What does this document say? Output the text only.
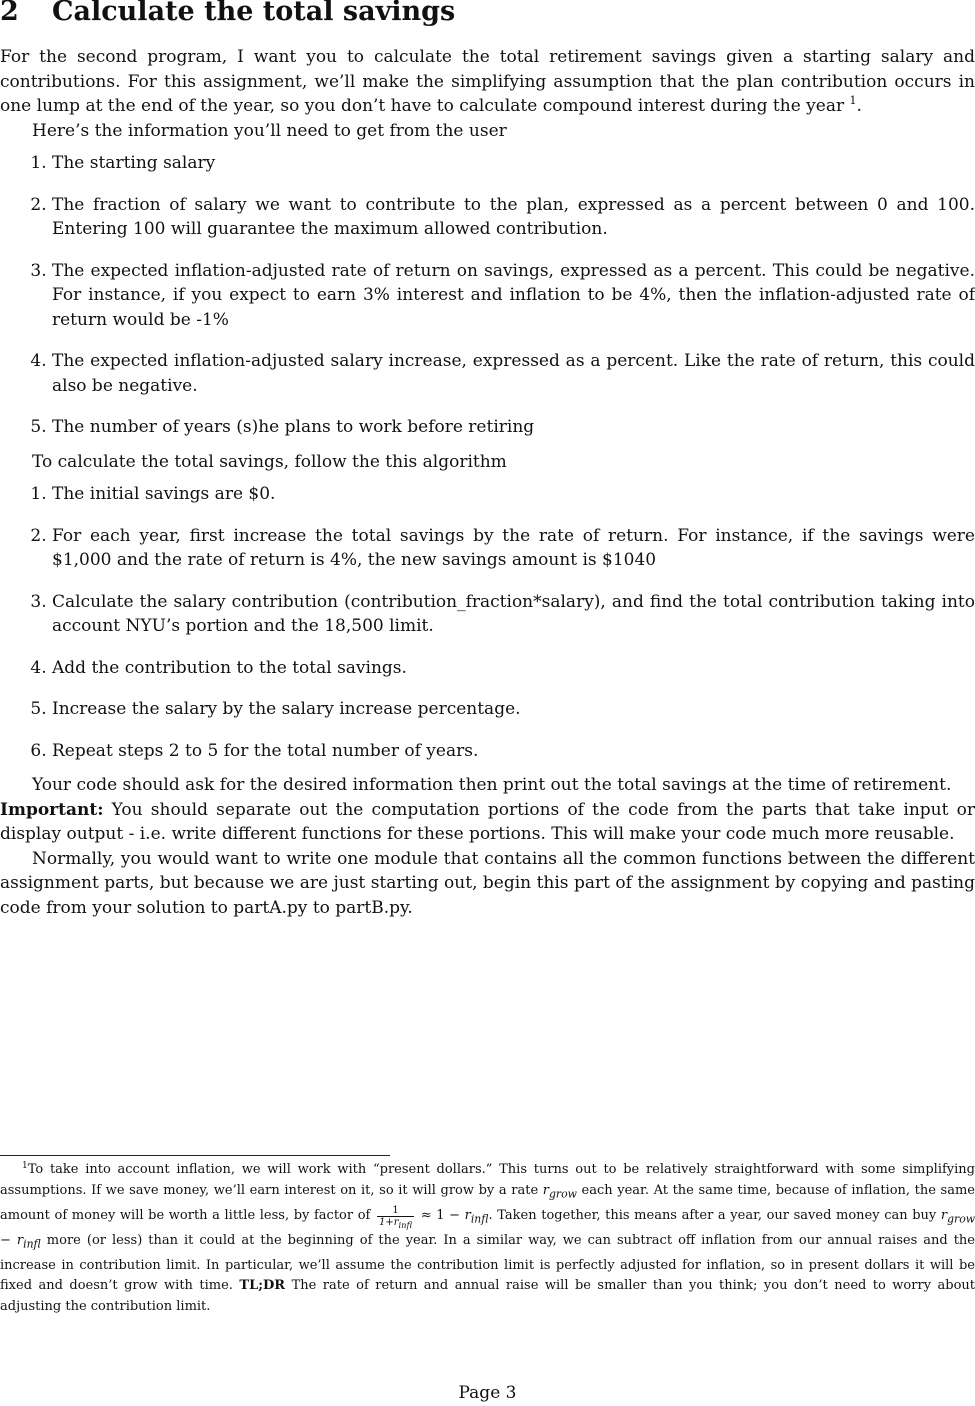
2 Calculate the total savings

For the second program, I want you to calculate the total retirement savings given a starting salary and contributions. For this assignment, we’ll make the simplifying assumption that the plan contribution occurs in one lump at the end of the year, so you don’t have to calculate compound interest during the year $^1$.

Here’s the information you’ll need to get from the user

1. The starting salary
2. The fraction of salary we want to contribute to the plan, expressed as a percent between 0 and 100. Entering 100 will guarantee the maximum allowed contribution.
3. The expected inflation-adjusted rate of return on savings, expressed as a percent. This could be negative. For instance, if you expect to earn 3% interest and inflation to be 4%, then the inflation-adjusted rate of return would be -1%
4. The expected inflation-adjusted salary increase, expressed as a percent. Like the rate of return, this could also be negative.
5. The number of years (s)he plans to work before retiring

To calculate the total savings, follow the this algorithm

1. The initial savings are $0.
2. For each year, first increase the total savings by the rate of return. For instance, if the savings were $1,000 and the rate of return is 4%, the new savings amount is $1040
3. Calculate the salary contribution (contribution_fraction*salary), and find the total contribution taking into account NYU’s portion and the 18,500 limit.
4. Add the contribution to the total savings.
5. Increase the salary by the salary increase percentage.
6. Repeat steps 2 to 5 for the total number of years.

Your code should ask for the desired information then print out the total savings at the time of retirement.

Important: You should separate out the computation portions of the code from the parts that take input or display output - i.e. write different functions for these portions. This will make your code much more reusable.

Normally, you would want to write one module that contains all the common functions between the different assignment parts, but because we are just starting out, begin this part of the assignment by copying and pasting code from your solution to partA.py to partB.py.

$^1$To take into account inflation, we will work with “present dollars.” This turns out to be relatively straightforward with some simplifying assumptions. If we save money, we’ll earn interest on it, so it will grow by a rate $r_{grow}$ each year. At the same time, because of inflation, the same amount of money will be worth a little less, by factor of $\frac{1}{1+r_{infl}} \approx 1 - r_{infl}$. Taken together, this means after a year, our saved money can buy $r_{grow} - r_{infl}$ more (or less) than it could at the beginning of the year. In a similar way, we can subtract off inflation from our annual raises and the increase in contribution limit. In particular, we’ll assume the contribution limit is perfectly adjusted for inflation, so in present dollars it will be fixed and doesn’t grow with time. TL;DR The rate of return and annual raise will be smaller than you think; you don’t need to worry about adjusting the contribution limit.

Page 3
